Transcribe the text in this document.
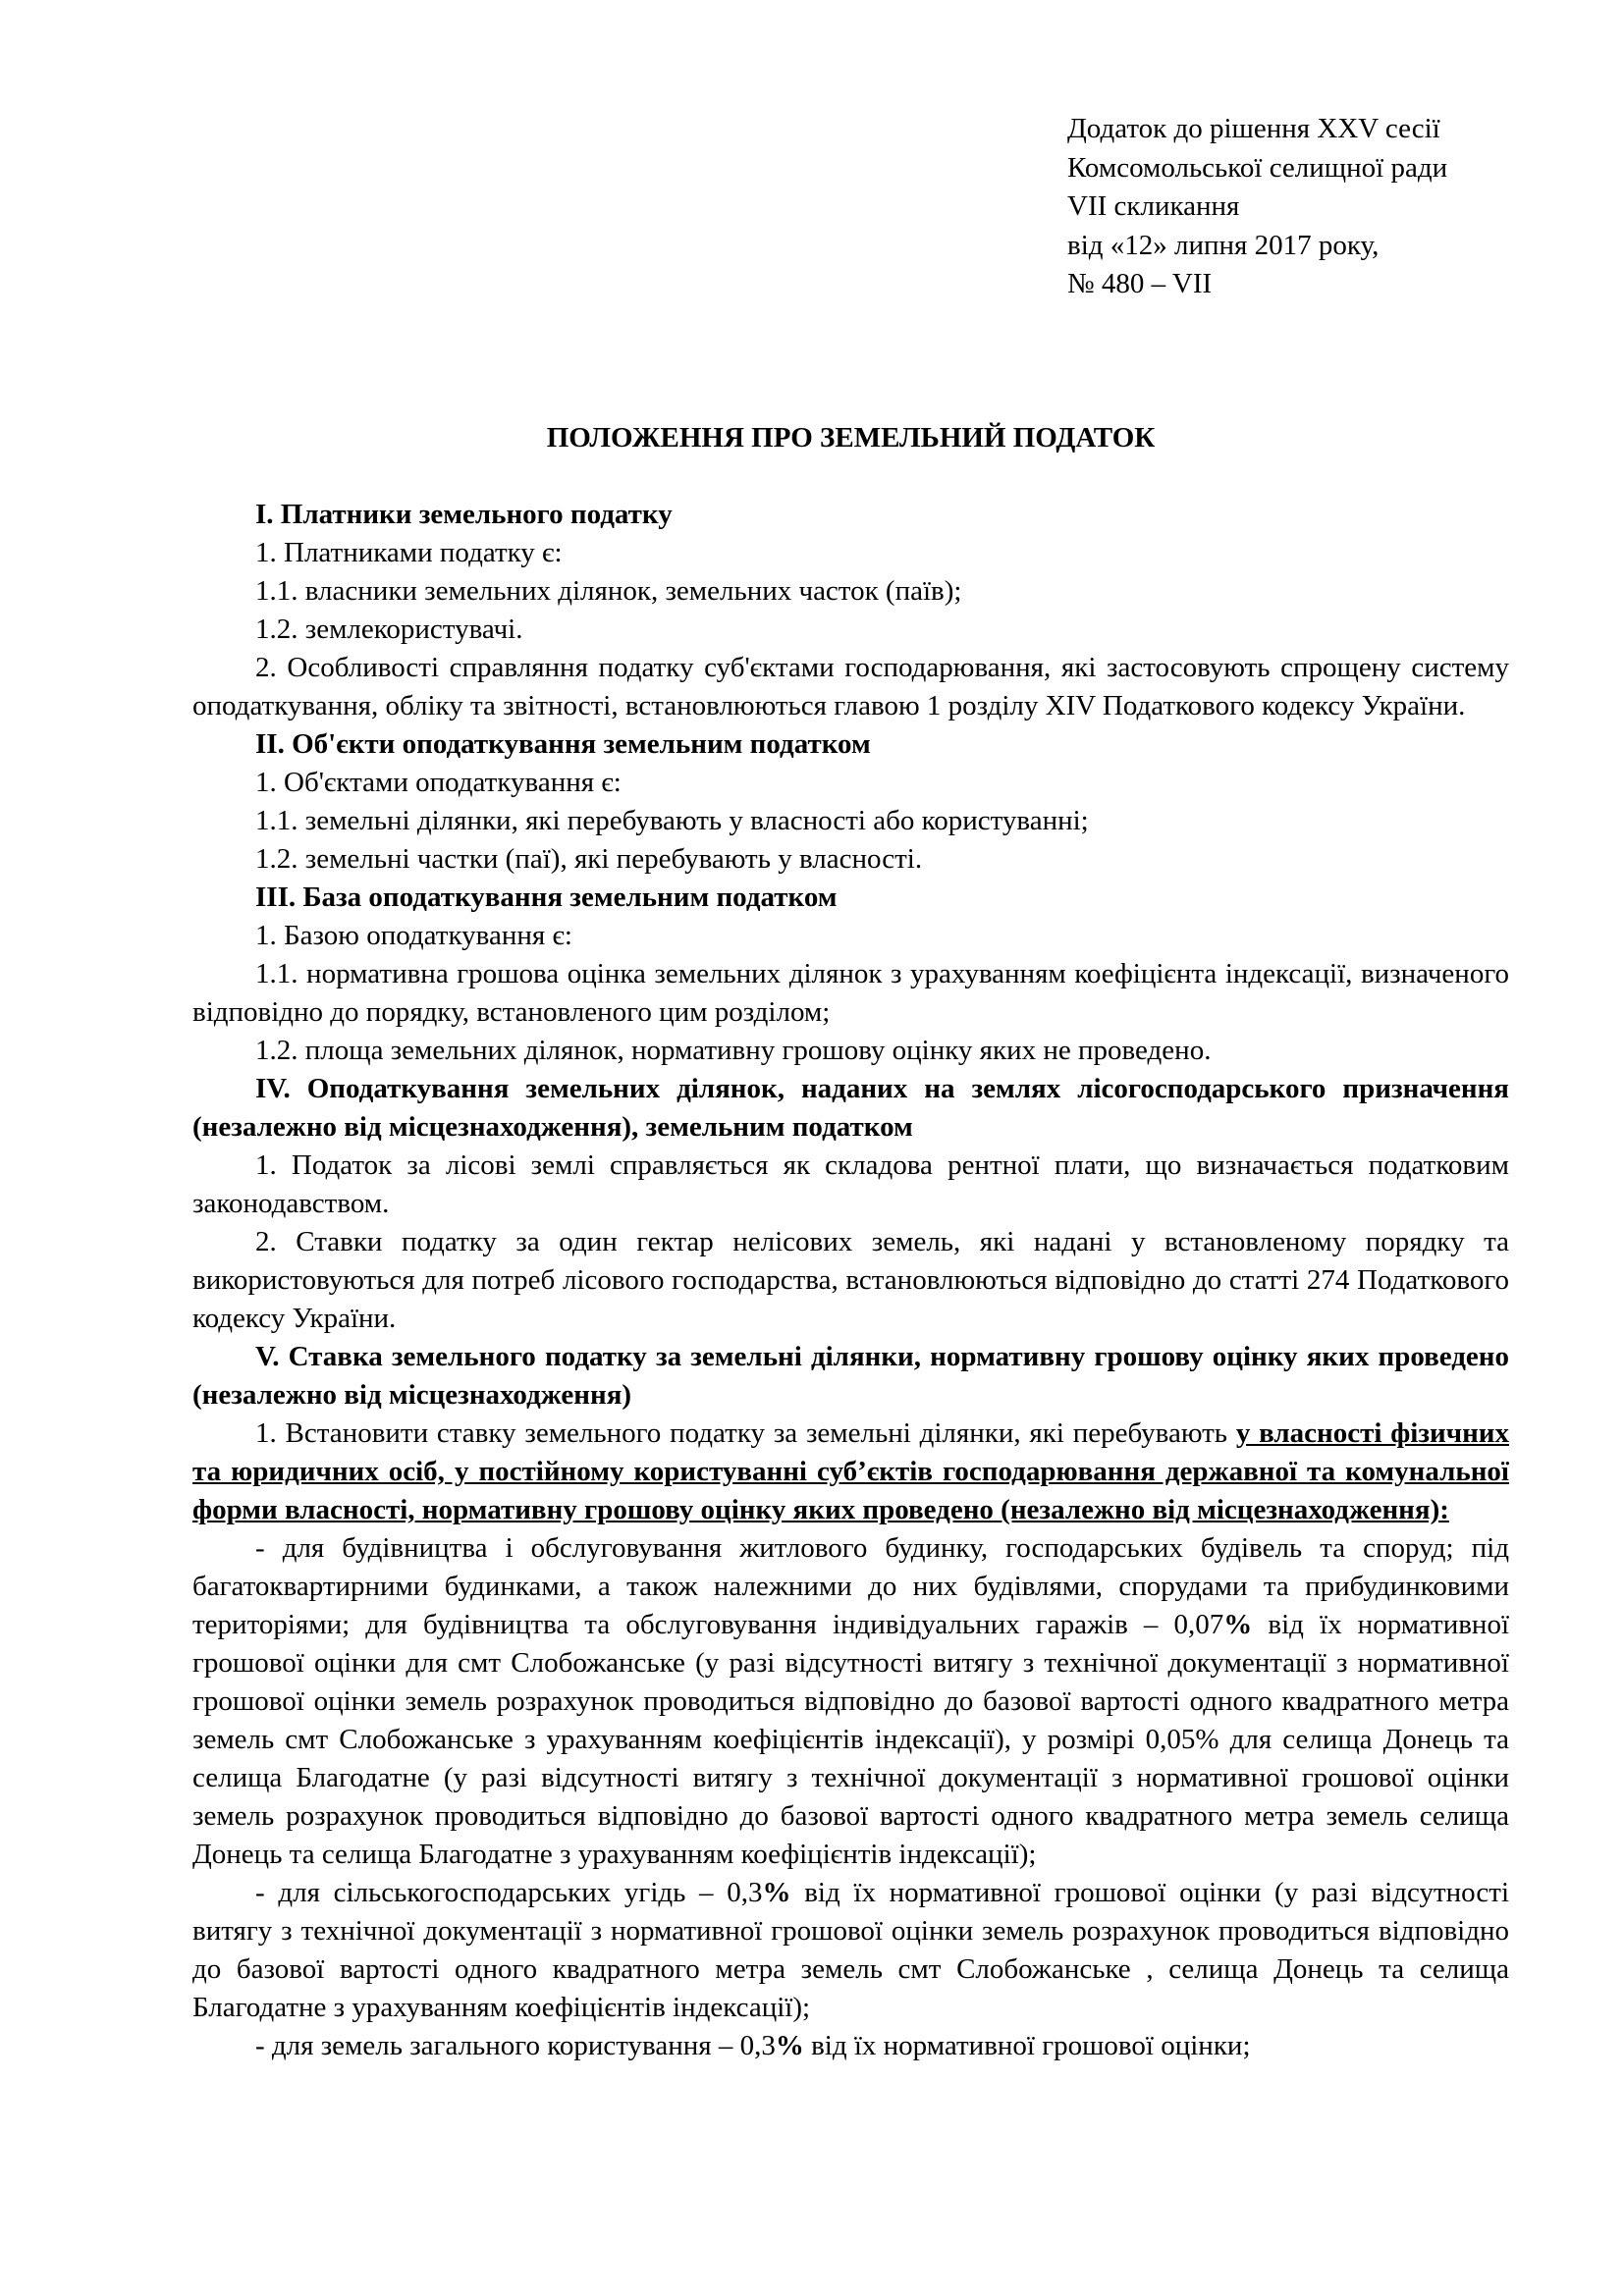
Додаток до рішення XXV сесії
Комсомольської селищної ради
VII скликання
від «12» липня 2017 року,
№ 480 – VII
ПОЛОЖЕННЯ ПРО ЗЕМЕЛЬНИЙ ПОДАТОК

І. Платники земельного податку

1. Платниками податку є:

1.1. власники земельних ділянок, земельних часток (паїв);

1.2. землекористувачі.

2. Особливості справляння податку суб'єктами господарювання, які застосовують спрощену систему оподаткування, обліку та звітності, встановлюються главою 1 розділу XIV Податкового кодексу України.

ІІ. Об'єкти оподаткування земельним податком

1. Об'єктами оподаткування є:

1.1. земельні ділянки, які перебувають у власності або користуванні;

1.2. земельні частки (паї), які перебувають у власності.

ІІІ. База оподаткування земельним податком

1. Базою оподаткування є:

1.1. нормативна грошова оцінка земельних ділянок з урахуванням коефіцієнта індексації, визначеного відповідно до порядку, встановленого цим розділом;

1.2. площа земельних ділянок, нормативну грошову оцінку яких не проведено.

IV. Оподаткування земельних ділянок, наданих на землях лісогосподарського призначення (незалежно від місцезнаходження), земельним податком

1. Податок за лісові землі справляється як складова рентної плати, що визначається податковим законодавством.

2. Ставки податку за один гектар нелісових земель, які надані у встановленому порядку та використовуються для потреб лісового господарства, встановлюються відповідно до статті 274 Податкового кодексу України.

V. Ставка земельного податку за земельні ділянки, нормативну грошову оцінку яких проведено (незалежно від місцезнаходження)

1. Встановити ставку земельного податку за земельні ділянки, які перебувають у власності фізичних та юридичних осіб, у постійному користуванні суб’єктів господарювання державної та комунальної форми власності, нормативну грошову оцінку яких проведено (незалежно від місцезнаходження):

- для будівництва і обслуговування житлового будинку, господарських будівель та споруд; під багатоквартирними будинками, а також належними до них будівлями, спорудами та прибудинковими територіями; для будівництва та обслуговування індивідуальних гаражів – 0,07% від їх нормативної грошової оцінки для смт Слобожанське (у разі відсутності витягу з технічної документації з нормативної грошової оцінки земель розрахунок проводиться відповідно до базової вартості одного квадратного метра земель смт Слобожанське з урахуванням коефіцієнтів індексації), у розмірі 0,05% для селища Донець та селища Благодатне (у разі відсутності витягу з технічної документації з нормативної грошової оцінки земель розрахунок проводиться відповідно до базової вартості одного квадратного метра земель селища Донець та селища Благодатне з урахуванням коефіцієнтів індексації);

- для сільськогосподарських угідь – 0,3% від їх нормативної грошової оцінки (у разі відсутності витягу з технічної документації з нормативної грошової оцінки земель розрахунок проводиться відповідно до базової вартості одного квадратного метра земель смт Слобожанське , селища Донець та селища Благодатне з урахуванням коефіцієнтів індексації);

- для земель загального користування – 0,3% від їх нормативної грошової оцінки;
